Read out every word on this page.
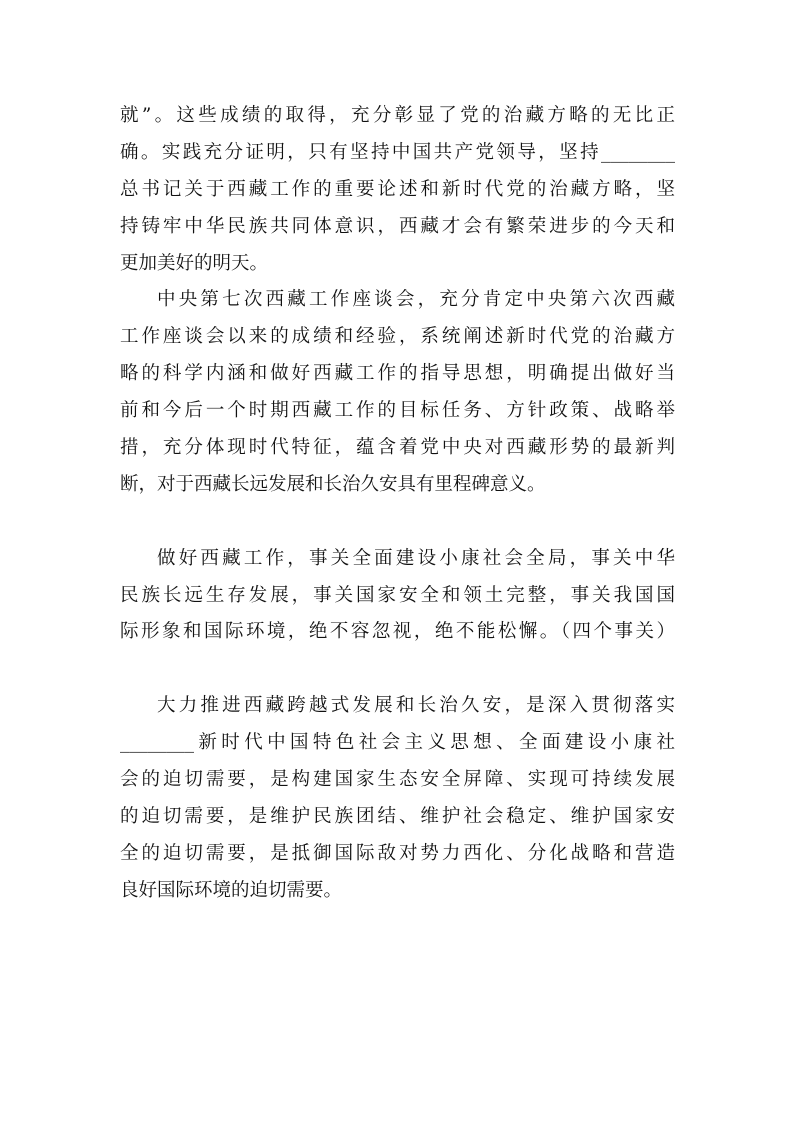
就”。这些成绩的取得，充分彰显了党的治藏方略的无比正
确。实践充分证明，只有坚持中国共产党领导，坚持________
总书记关于西藏工作的重要论述和新时代党的治藏方略，坚
持铸牢中华民族共同体意识，西藏才会有繁荣进步的今天和
更加美好的明天。
中央第七次西藏工作座谈会，充分肯定中央第六次西藏
工作座谈会以来的成绩和经验，系统阐述新时代党的治藏方
略的科学内涵和做好西藏工作的指导思想，明确提出做好当
前和今后一个时期西藏工作的目标任务、方针政策、战略举
措，充分体现时代特征，蕴含着党中央对西藏形势的最新判
断，对于西藏长远发展和长治久安具有里程碑意义。
做好西藏工作，事关全面建设小康社会全局，事关中华
民族长远生存发展，事关国家安全和领土完整，事关我国国
际形象和国际环境，绝不容忽视，绝不能松懈。（四个事关）
大力推进西藏跨越式发展和长治久安，是深入贯彻落实
________新时代中国特色社会主义思想、全面建设小康社
会的迫切需要，是构建国家生态安全屏障、实现可持续发展
的迫切需要，是维护民族团结、维护社会稳定、维护国家安
全的迫切需要，是抵御国际敌对势力西化、分化战略和营造
良好国际环境的迫切需要。
